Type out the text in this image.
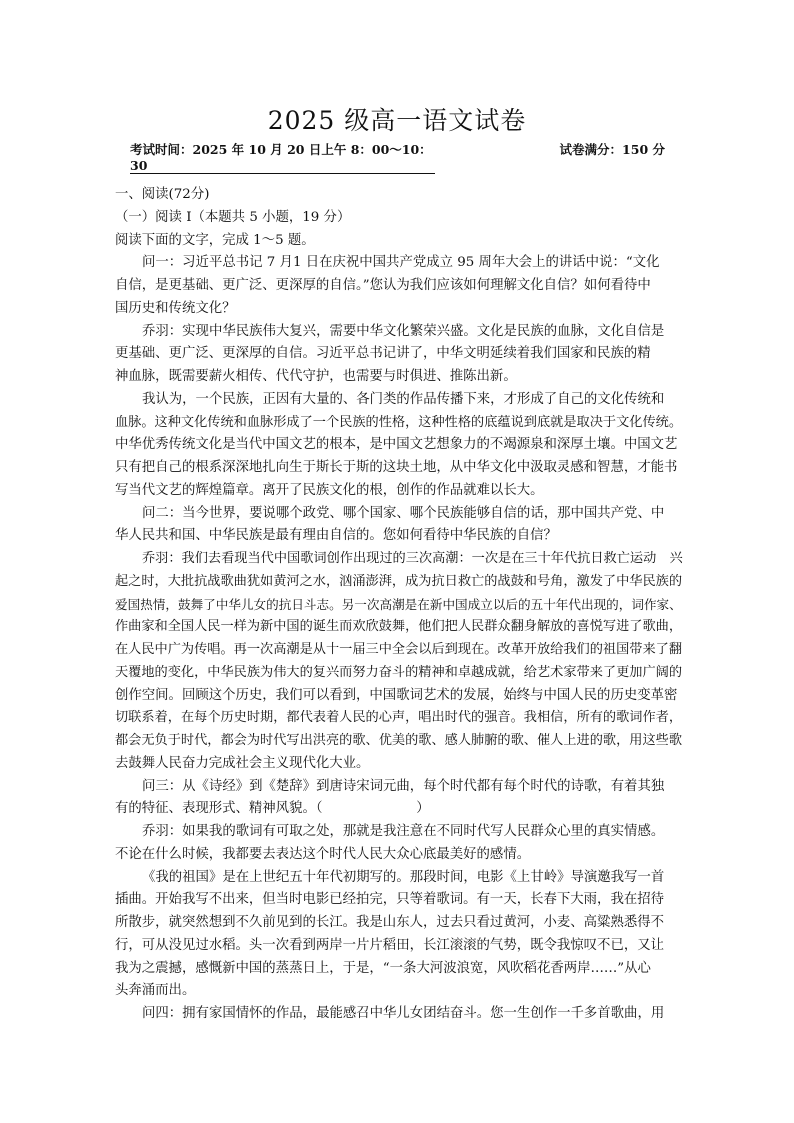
2025 级高一语文试卷
考试时间：2025 年 10 月 20 日上午 8：00～10：30
试卷满分：150 分
一、阅读(72分)
（一）阅读 I（本题共 5 小题，19 分）
阅读下面的文字，完成 1～5 题。
问一：习近平总书记 7 月1 日在庆祝中国共产党成立 95 周年大会上的讲话中说：“文化
自信，是更基础、更广泛、更深厚的自信。”您认为我们应该如何理解文化自信？如何看待中
国历史和传统文化？
乔羽：实现中华民族伟大复兴，需要中华文化繁荣兴盛。文化是民族的血脉，文化自信是
更基础、更广泛、更深厚的自信。习近平总书记讲了，中华文明延续着我们国家和民族的精
神血脉，既需要薪火相传、代代守护，也需要与时俱进、推陈出新。
我认为，一个民族，正因有大量的、各门类的作品传播下来，才形成了自己的文化传统和
血脉。这种文化传统和血脉形成了一个民族的性格，这种性格的底蕴说到底就是取决于文化传统。
中华优秀传统文化是当代中国文艺的根本，是中国文艺想象力的不竭源泉和深厚土壤。中国文艺
只有把自己的根系深深地扎向生于斯长于斯的这块土地，从中华文化中汲取灵感和智慧，才能书
写当代文艺的辉煌篇章。离开了民族文化的根，创作的作品就难以长大。
问二：当今世界，要说哪个政党、哪个国家、哪个民族能够自信的话，那中国共产党、中
华人民共和国、中华民族是最有理由自信的。您如何看待中华民族的自信？
乔羽：我们去看现当代中国歌词创作出现过的三次高潮：一次是在三十年代抗日救亡运动　兴
起之时，大批抗战歌曲犹如黄河之水，汹涌澎湃，成为抗日救亡的战鼓和号角，激发了中华民族的
爱国热情，鼓舞了中华儿女的抗日斗志。另一次高潮是在新中国成立以后的五十年代出现的，词作家、
作曲家和全国人民一样为新中国的诞生而欢欣鼓舞，他们把人民群众翻身解放的喜悦写进了歌曲，
在人民中广为传唱。再一次高潮是从十一届三中全会以后到现在。改革开放给我们的祖国带来了翻
天覆地的变化，中华民族为伟大的复兴而努力奋斗的精神和卓越成就，给艺术家带来了更加广阔的
创作空间。回顾这个历史，我们可以看到，中国歌词艺术的发展，始终与中国人民的历史变革密
切联系着，在每个历史时期，都代表着人民的心声，唱出时代的强音。我相信，所有的歌词作者，
都会无负于时代，都会为时代写出洪亮的歌、优美的歌、感人肺腑的歌、催人上进的歌，用这些歌
去鼓舞人民奋力完成社会主义现代化大业。
问三：从《诗经》到《楚辞》到唐诗宋词元曲，每个时代都有每个时代的诗歌，有着其独
有的特征、表现形式、精神风貌。（　　　　　　　）
乔羽：如果我的歌词有可取之处，那就是我注意在不同时代写人民群众心里的真实情感。
不论在什么时候，我都要去表达这个时代人民大众心底最美好的感情。
《我的祖国》是在上世纪五十年代初期写的。那段时间，电影《上甘岭》导演邀我写一首
插曲。开始我写不出来，但当时电影已经拍完，只等着歌词。有一天，长春下大雨，我在招待
所散步，就突然想到不久前见到的长江。我是山东人，过去只看过黄河，小麦、高粱熟悉得不
行，可从没见过水稻。头一次看到两岸一片片稻田，长江滚滚的气势，既令我惊叹不已，又让
我为之震撼，感慨新中国的蒸蒸日上，于是，“一条大河波浪宽，风吹稻花香两岸……”从心
头奔涌而出。
问四：拥有家国情怀的作品，最能感召中华儿女团结奋斗。您一生创作一千多首歌曲，用
